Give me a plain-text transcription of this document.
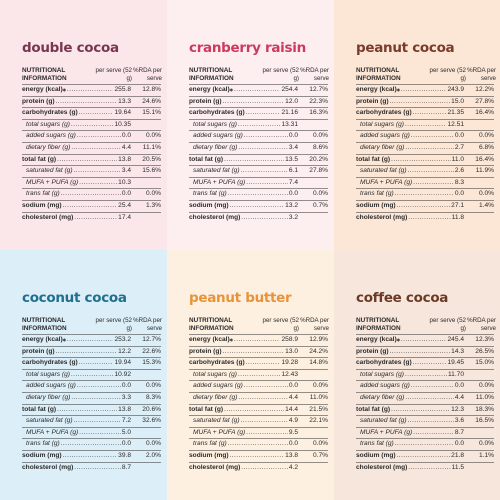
double cocoa
NUTRITIONAL INFORMATION
per serve (52 g)
%RDA per serve
energy (kcal)⁎ .....	255.8	12.8%
protein (g) .....	13.3	24.6%
carbohydrates (g) .....	19.64	15.1%
total sugars (g) .....	10.35
added sugars (g) .....	0.0	0.0%
dietary fiber (g) .....	4.4	11.1%
total fat (g) .....	13.8	20.5%
saturated fat (g) .....	3.4	15.6%
MUFA + PUFA (g) .....	10.3
trans fat (g) .....	0.0	0.0%
sodium (mg) .....	25.4	1.3%
cholesterol (mg) .....	17.4
cranberry raisin
NUTRITIONAL INFORMATION
per serve (52 g)
%RDA per serve
energy (kcal)⁎ .....	254.4	12.7%
protein (g) .....	12.0	22.3%
carbohydrates (g) .....	21.16	16.3%
total sugars (g) .....	13.31
added sugars (g) .....	0.0	0.0%
dietary fiber (g) .....	3.4	8.6%
total fat (g) .....	13.5	20.2%
saturated fat (g) .....	6.1	27.8%
MUFA + PUFA (g) .....	7.4
trans fat (g) .....	0.0	0.0%
sodium (mg) .....	13.2	0.7%
cholesterol (mg) .....	3.2
peanut cocoa
NUTRITIONAL INFORMATION
per serve (52 g)
%RDA per serve
energy (kcal)⁎ .....	243.9	12.2%
protein (g) .....	15.0	27.8%
carbohydrates (g) .....	21.35	16.4%
total sugars (g) .....	12.51
added sugars (g) .....	0.0	0.0%
dietary fiber (g) .....	2.7	6.8%
total fat (g) .....	11.0	16.4%
saturated fat (g) .....	2.6	11.9%
MUFA + PUFA (g) .....	8.3
trans fat (g) .....	0.0	0.0%
sodium (mg) .....	27.1	1.4%
cholesterol (mg) .....	11.8
coconut cocoa
NUTRITIONAL INFORMATION
per serve (52 g)
%RDA per serve
energy (kcal)⁎ .....	253.2	12.7%
protein (g) .....	12.2	22.6%
carbohydrates (g) .....	19.94	15.3%
total sugars (g) .....	10.92
added sugars (g) .....	0.0	0.0%
dietary fiber (g) .....	3.3	8.3%
total fat (g) .....	13.8	20.6%
saturated fat (g) .....	7.2	32.6%
MUFA + PUFA (g) .....	5.0
trans fat (g) .....	0.0	0.0%
sodium (mg) .....	39.8	2.0%
cholesterol (mg) .....	8.7
peanut butter
NUTRITIONAL INFORMATION
per serve (52 g)
%RDA per serve
energy (kcal)⁎ .....	258.9	12.9%
protein (g) .....	13.0	24.2%
carbohydrates (g) .....	19.28	14.8%
total sugars (g) .....	12.43
added sugars (g) .....	0.0	0.0%
dietary fiber (g) .....	4.4	11.0%
total fat (g) .....	14.4	21.5%
saturated fat (g) .....	4.9	22.1%
MUFA + PUFA (g) .....	9.5
trans fat (g) .....	0.0	0.0%
sodium (mg) .....	13.8	0.7%
cholesterol (mg) .....	4.2
coffee cocoa
NUTRITIONAL INFORMATION
per serve (52 g)
%RDA per serve
energy (kcal)⁎ .....	245.4	12.3%
protein (g) .....	14.3	26.5%
carbohydrates (g) .....	19.45	15.0%
total sugars (g) .....	11.70
added sugars (g) .....	0.0	0.0%
dietary fiber (g) .....	4.4	11.0%
total fat (g) .....	12.3	18.3%
saturated fat (g) .....	3.6	16.5%
MUFA + PUFA (g) .....	8.7
trans fat (g) .....	0.0	0.0%
sodium (mg) .....	21.8	1.1%
cholesterol (mg) .....	11.5
